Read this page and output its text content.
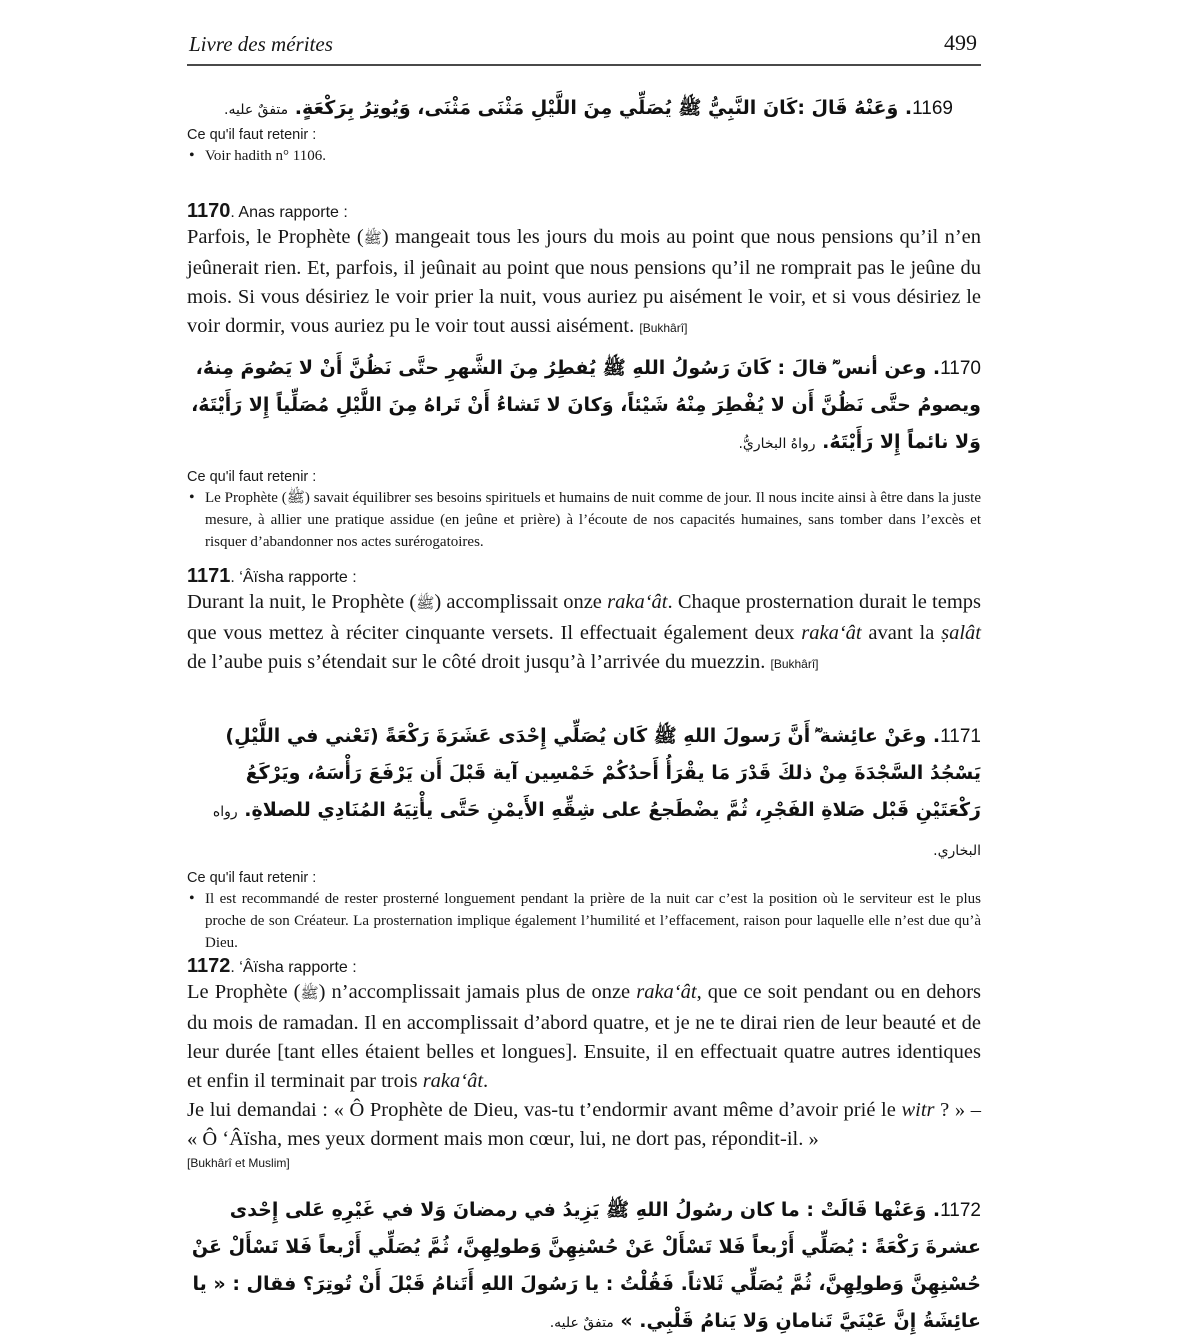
Livre des mérites	499
1169. وَعَنْهُ قَالَ :كَانَ النَّبِيُّ ﷺ يُصَلِّي مِنَ اللَّيْلِ مَثْنَى مَثْنَى، وَيُوتِرُ بِرَكْعَةٍ. متفقٌ عليه.

Ce qu'il faut retenir :

• Voir hadith n° 1106.

1170. Anas rapporte :

Parfois, le Prophète (ﷺ) mangeait tous les jours du mois au point que nous pensions qu’il n’en jeûnerait rien. Et, parfois, il jeûnait au point que nous pensions qu’il ne romprait pas le jeûne du mois. Si vous désiriez le voir prier la nuit, vous auriez pu aisément le voir, et si vous désiriez le voir dormir, vous auriez pu le voir tout aussi aisément. [Bukhârî]

1170. وعن أنس ؓ قالَ : كَانَ رَسُولُ اللهِ ﷺ يُفطِرُ مِنَ الشَّهرِ حتَّى نَظُنَّ أَنْ لا يَصُومَ مِنهُ، ويصومُ حتَّى نَظُنَّ أَن لا يُفْطِرَ مِنْهُ شَيْئاً، وَكانَ لا تَشاءُ أَنْ تَراهُ مِنَ اللَّيْلِ مُصَلِّياً إِلا رَأَيْتَهُ، وَلا نائماً إِلا رَأَيْتَهُ. رواهُ البخاريُّ.

Ce qu'il faut retenir :

• Le Prophète (ﷺ) savait équilibrer ses besoins spirituels et humains de nuit comme de jour. Il nous incite ainsi à être dans la juste mesure, à allier une pratique assidue (en jeûne et prière) à l’écoute de nos capacités humaines, sans tomber dans l’excès et risquer d’abandonner nos actes surérogatoires.

1171. ‘Âïsha rapporte :

Durant la nuit, le Prophète (ﷺ) accomplissait onze raka‘ât. Chaque prosternation durait le temps que vous mettez à réciter cinquante versets. Il effectuait également deux raka‘ât avant la ṣalât de l’aube puis s’étendait sur le côté droit jusqu’à l’arrivée du muezzin. [Bukhârî]

1171. وعَنْ عائِشة ؓ أَنَّ رَسولَ اللهِ ﷺ كَان يُصَلِّي إِحْدَى عَشَرَةَ رَكْعَةً (تَعْني في اللَّيْلِ) يَسْجُدُ السَّجْدَةَ مِنْ ذلكَ قَدْرَ مَا يقْرَأُ أَحدُكُمْ خَمْسِين آية قَبْلَ أَن يَرْفَعَ رَأْسَهُ، ويَرْكَعُ رَكْعَتَيْنِ قَبْل صَلاةِ الفَجْرِ، ثُمَّ يضْطَجعُ على شِقِّهِ الأَيمْنِ حَتَّى يأْتِيَهُ المُنَادِي للصلاةِ. رواه البخاري.

Ce qu'il faut retenir :

• Il est recommandé de rester prosterné longuement pendant la prière de la nuit car c’est la position où le serviteur est le plus proche de son Créateur. La prosternation implique également l’humilité et l’effacement, raison pour laquelle elle n’est due qu’à Dieu.

1172. ‘Âïsha rapporte :

Le Prophète (ﷺ) n’accomplissait jamais plus de onze raka‘ât, que ce soit pendant ou en dehors du mois de ramadan. Il en accomplissait d’abord quatre, et je ne te dirai rien de leur beauté et de leur durée [tant elles étaient belles et longues]. Ensuite, il en effectuait quatre autres identiques et enfin il terminait par trois raka‘ât.

Je lui demandai : « Ô Prophète de Dieu, vas-tu t’endormir avant même d’avoir prié le witr ? » – « Ô ‘Âïsha, mes yeux dorment mais mon cœur, lui, ne dort pas, répondit-il. »

[Bukhârî et Muslim]

1172. وَعَنْها قَالَتْ : ما كان رسُولُ اللهِ ﷺ يَزِيدُ في رمضانَ وَلا في غَيْرِهِ عَلى إِحْدى عشرةَ رَكْعَةً : يُصَلِّي أَرْبعاً فَلا تَسْأَلْ عَنْ حُسْنِهِنَّ وَطولِهِنَّ، ثُمَّ يُصَلِّي أَرْبعاً فَلا تَسْأَلْ عَنْ حُسْنِهِنَّ وَطولِهِنَّ، ثُمَّ يُصَلِّي ثَلاثاً. فَقُلْتُ : يا رَسُولَ اللهِ أَتَنامُ قَبْلَ أَنْ تُوتِرَ؟ فقال : « يا عائِشَةُ إِنَّ عَيْنَيَّ تَنامانِ وَلا يَنامُ قَلْبِي. » متفقٌ عليه.
